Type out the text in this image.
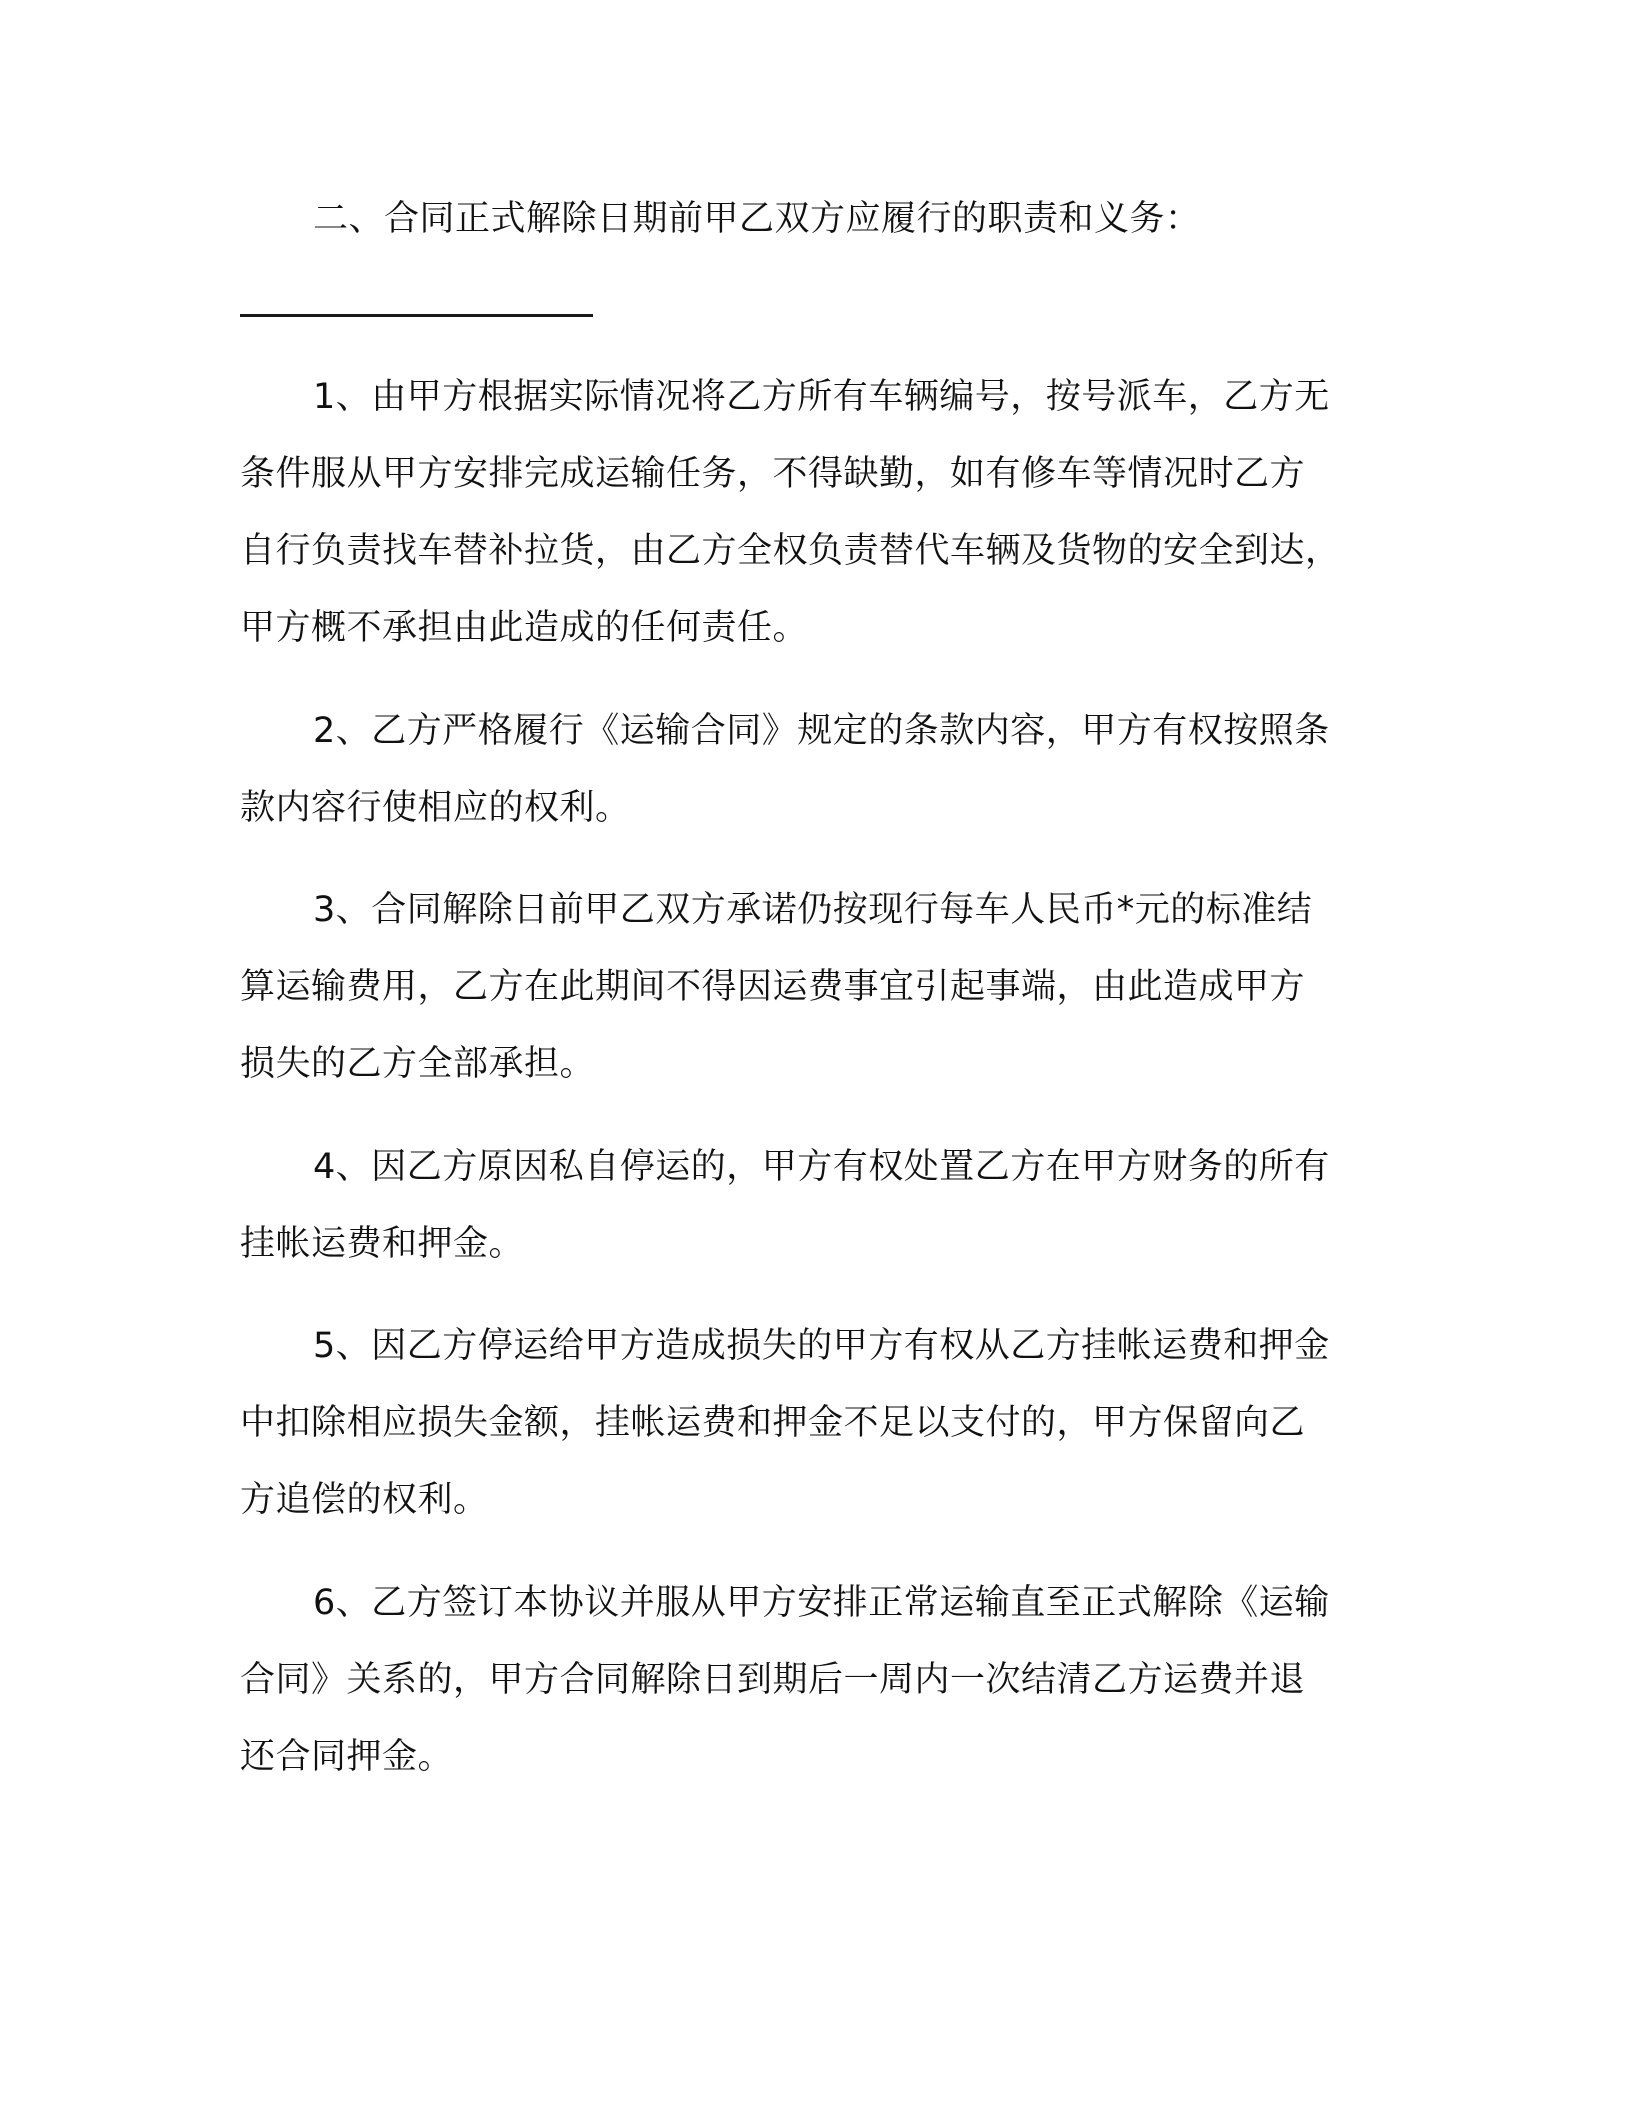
二、合同正式解除日期前甲乙双方应履行的职责和义务：
1、由甲方根据实际情况将乙方所有车辆编号，按号派车，乙方无
条件服从甲方安排完成运输任务，不得缺勤，如有修车等情况时乙方
自行负责找车替补拉货，由乙方全权负责替代车辆及货物的安全到达，
甲方概不承担由此造成的任何责任。
2、乙方严格履行《运输合同》规定的条款内容，甲方有权按照条
款内容行使相应的权利。
3、合同解除日前甲乙双方承诺仍按现行每车人民币*元的标准结
算运输费用，乙方在此期间不得因运费事宜引起事端，由此造成甲方
损失的乙方全部承担。
4、因乙方原因私自停运的，甲方有权处置乙方在甲方财务的所有
挂帐运费和押金。
5、因乙方停运给甲方造成损失的甲方有权从乙方挂帐运费和押金
中扣除相应损失金额，挂帐运费和押金不足以支付的，甲方保留向乙
方追偿的权利。
6、乙方签订本协议并服从甲方安排正常运输直至正式解除《运输
合同》关系的，甲方合同解除日到期后一周内一次结清乙方运费并退
还合同押金。
